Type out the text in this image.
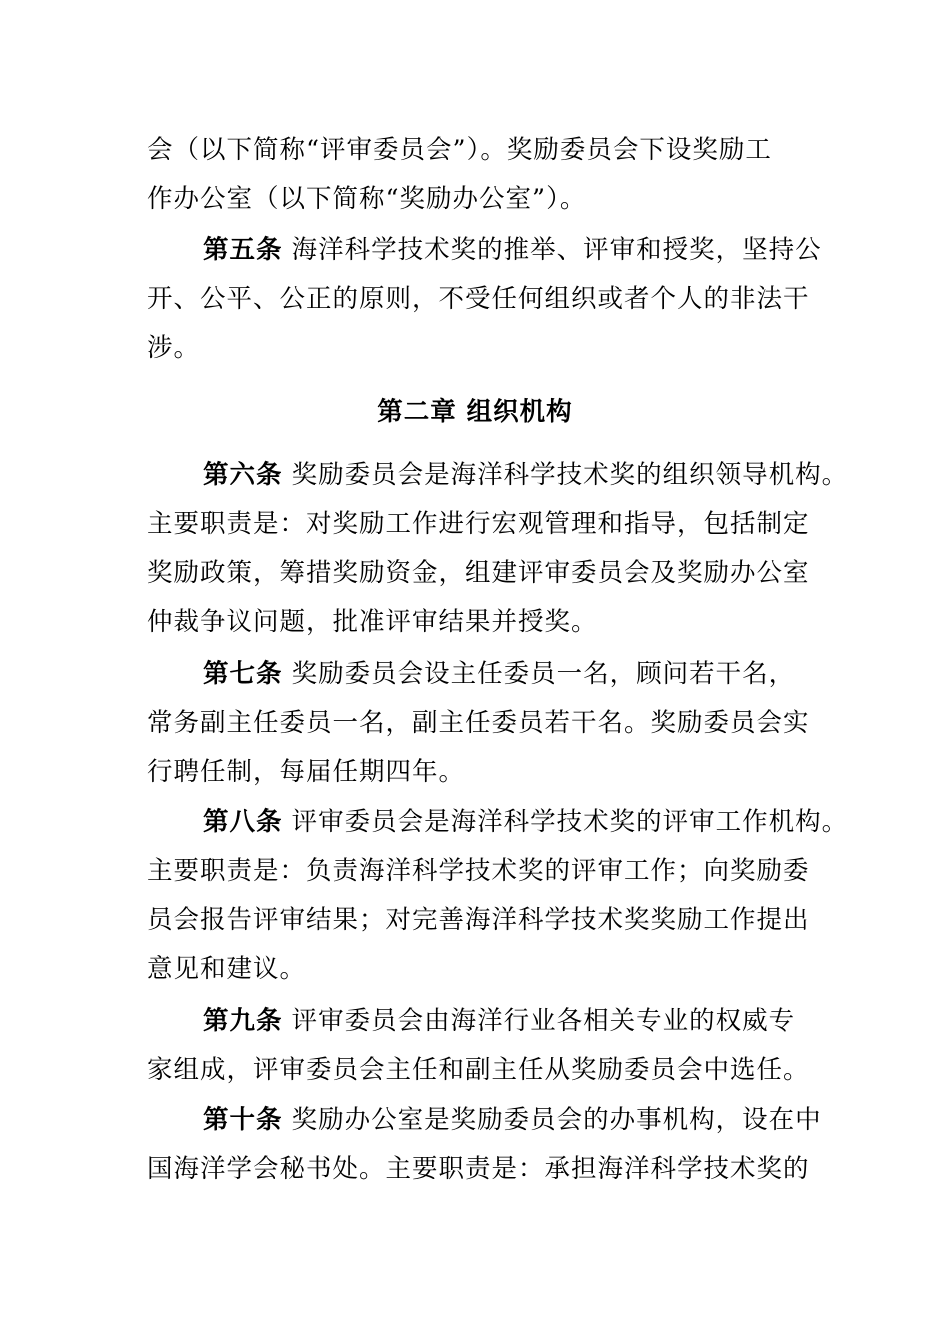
会（以下简称“评审委员会”）。奖励委员会下设奖励工
作办公室（以下简称“奖励办公室”）。
第五条 海洋科学技术奖的推举、评审和授奖，坚持公
开、公平、公正的原则，不受任何组织或者个人的非法干
涉。
第二章 组织机构
第六条 奖励委员会是海洋科学技术奖的组织领导机构。
主要职责是：对奖励工作进行宏观管理和指导，包括制定
奖励政策，筹措奖励资金，组建评审委员会及奖励办公室
仲裁争议问题，批准评审结果并授奖。
第七条 奖励委员会设主任委员一名，顾问若干名，
常务副主任委员一名，副主任委员若干名。奖励委员会实
行聘任制，每届任期四年。
第八条 评审委员会是海洋科学技术奖的评审工作机构。
主要职责是：负责海洋科学技术奖的评审工作；向奖励委
员会报告评审结果；对完善海洋科学技术奖奖励工作提出
意见和建议。
第九条 评审委员会由海洋行业各相关专业的权威专
家组成，评审委员会主任和副主任从奖励委员会中选任。
第十条 奖励办公室是奖励委员会的办事机构，设在中
国海洋学会秘书处。主要职责是：承担海洋科学技术奖的
